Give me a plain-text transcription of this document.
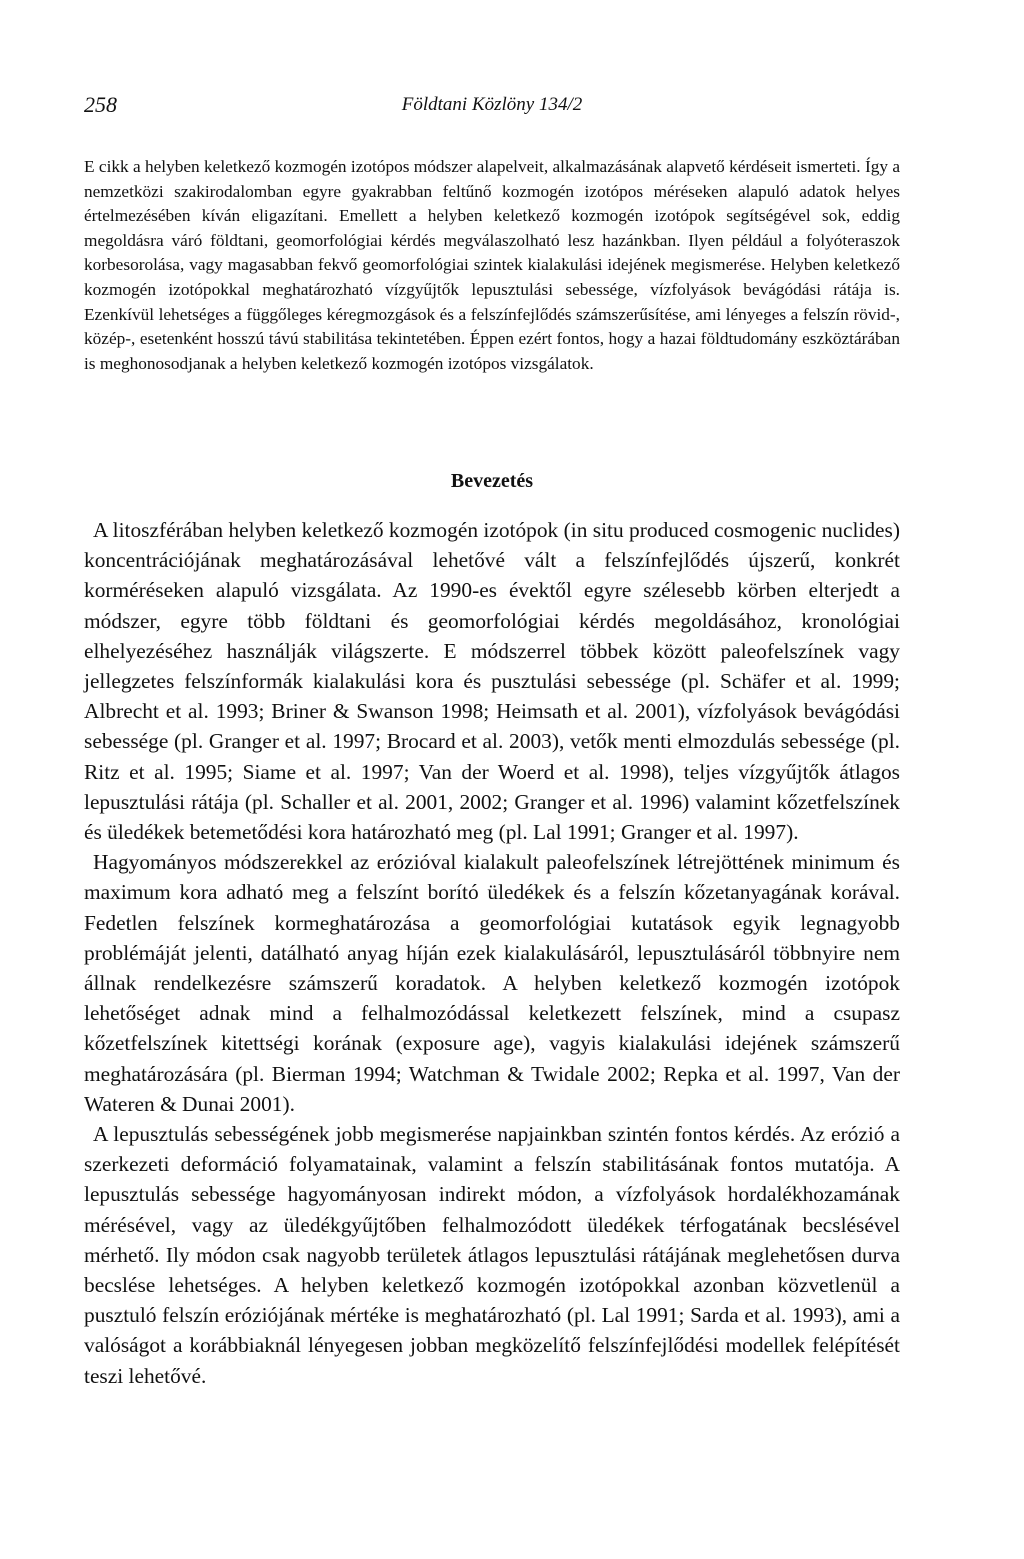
258	Földtani Közlöny 134/2

E cikk a helyben keletkező kozmogén izotópos módszer alapelveit, alkalmazásának alapvető kérdéseit ismerteti. Így a nemzetközi szakirodalomban egyre gyakrabban feltűnő kozmogén izotópos méréseken alapuló adatok helyes értelmezésében kíván eligazítani. Emellett a helyben keletkező kozmogén izotópok segítségével sok, eddig megoldásra váró földtani, geomorfológiai kérdés megválaszolható lesz hazánkban. Ilyen például a folyóteraszok korbesorolása, vagy magasabban fekvő geomorfológiai szintek kialakulási idejének megismerése. Helyben keletkező kozmogén izotópokkal meghatározható vízgyűjtők lepusztulási sebessége, vízfolyások bevágódási rátája is. Ezenkívül lehetséges a függőleges kéregmozgások és a felszínfejlődés számszerűsítése, ami lényeges a felszín rövid-, közép-, esetenként hosszú távú stabilitása tekintetében. Éppen ezért fontos, hogy a hazai földtudomány eszköztárában is meghonosodjanak a helyben keletkező kozmogén izotópos vizsgálatok.

Bevezetés

A litoszférában helyben keletkező kozmogén izotópok (in situ produced cosmogenic nuclides) koncentrációjának meghatározásával lehetővé vált a felszínfejlődés újszerű, konkrét korméréseken alapuló vizsgálata. Az 1990-es évektől egyre szélesebb körben elterjedt a módszer, egyre több földtani és geomorfológiai kérdés megoldásához, kronológiai elhelyezéséhez használják világszerte. E módszerrel többek között paleofelszínek vagy jellegzetes felszínformák kialakulási kora és pusztulási sebessége (pl. Schäfer et al. 1999; Albrecht et al. 1993; Briner & Swanson 1998; Heimsath et al. 2001), vízfolyások bevágódási sebessége (pl. Granger et al. 1997; Brocard et al. 2003), vetők menti elmozdulás sebessége (pl. Ritz et al. 1995; Siame et al. 1997; Van der Woerd et al. 1998), teljes vízgyűjtők átlagos lepusztulási rátája (pl. Schaller et al. 2001, 2002; Granger et al. 1996) valamint kőzetfelszínek és üledékek betemetődési kora határozható meg (pl. Lal 1991; Granger et al. 1997).

Hagyományos módszerekkel az erózióval kialakult paleofelszínek létrejöttének minimum és maximum kora adható meg a felszínt borító üledékek és a felszín kőzetanyagának korával. Fedetlen felszínek kormeghatározása a geomorfológiai kutatások egyik legnagyobb problémáját jelenti, datálható anyag híján ezek kialakulásáról, lepusztulásáról többnyire nem állnak rendelkezésre számszerű koradatok. A helyben keletkező kozmogén izotópok lehetőséget adnak mind a felhalmozódással keletkezett felszínek, mind a csupasz kőzetfelszínek kitettségi korának (exposure age), vagyis kialakulási idejének számszerű meghatározására (pl. Bierman 1994; Watchman & Twidale 2002; Repka et al. 1997, Van der Wateren & Dunai 2001).

A lepusztulás sebességének jobb megismerése napjainkban szintén fontos kérdés. Az erózió a szerkezeti deformáció folyamatainak, valamint a felszín stabilitásának fontos mutatója. A lepusztulás sebessége hagyományosan indirekt módon, a vízfolyások hordalékhozamának mérésével, vagy az üledékgyűjtőben felhalmozódott üledékek térfogatának becslésével mérhető. Ily módon csak nagyobb területek átlagos lepusztulási rátájának meglehetősen durva becslése lehetséges. A helyben keletkező kozmogén izotópokkal azonban közvetlenül a pusztuló felszín eróziójának mértéke is meghatározható (pl. Lal 1991; Sarda et al. 1993), ami a valóságot a korábbiaknál lényegesen jobban megközelítő felszínfejlődési modellek felépítését teszi lehetővé.
